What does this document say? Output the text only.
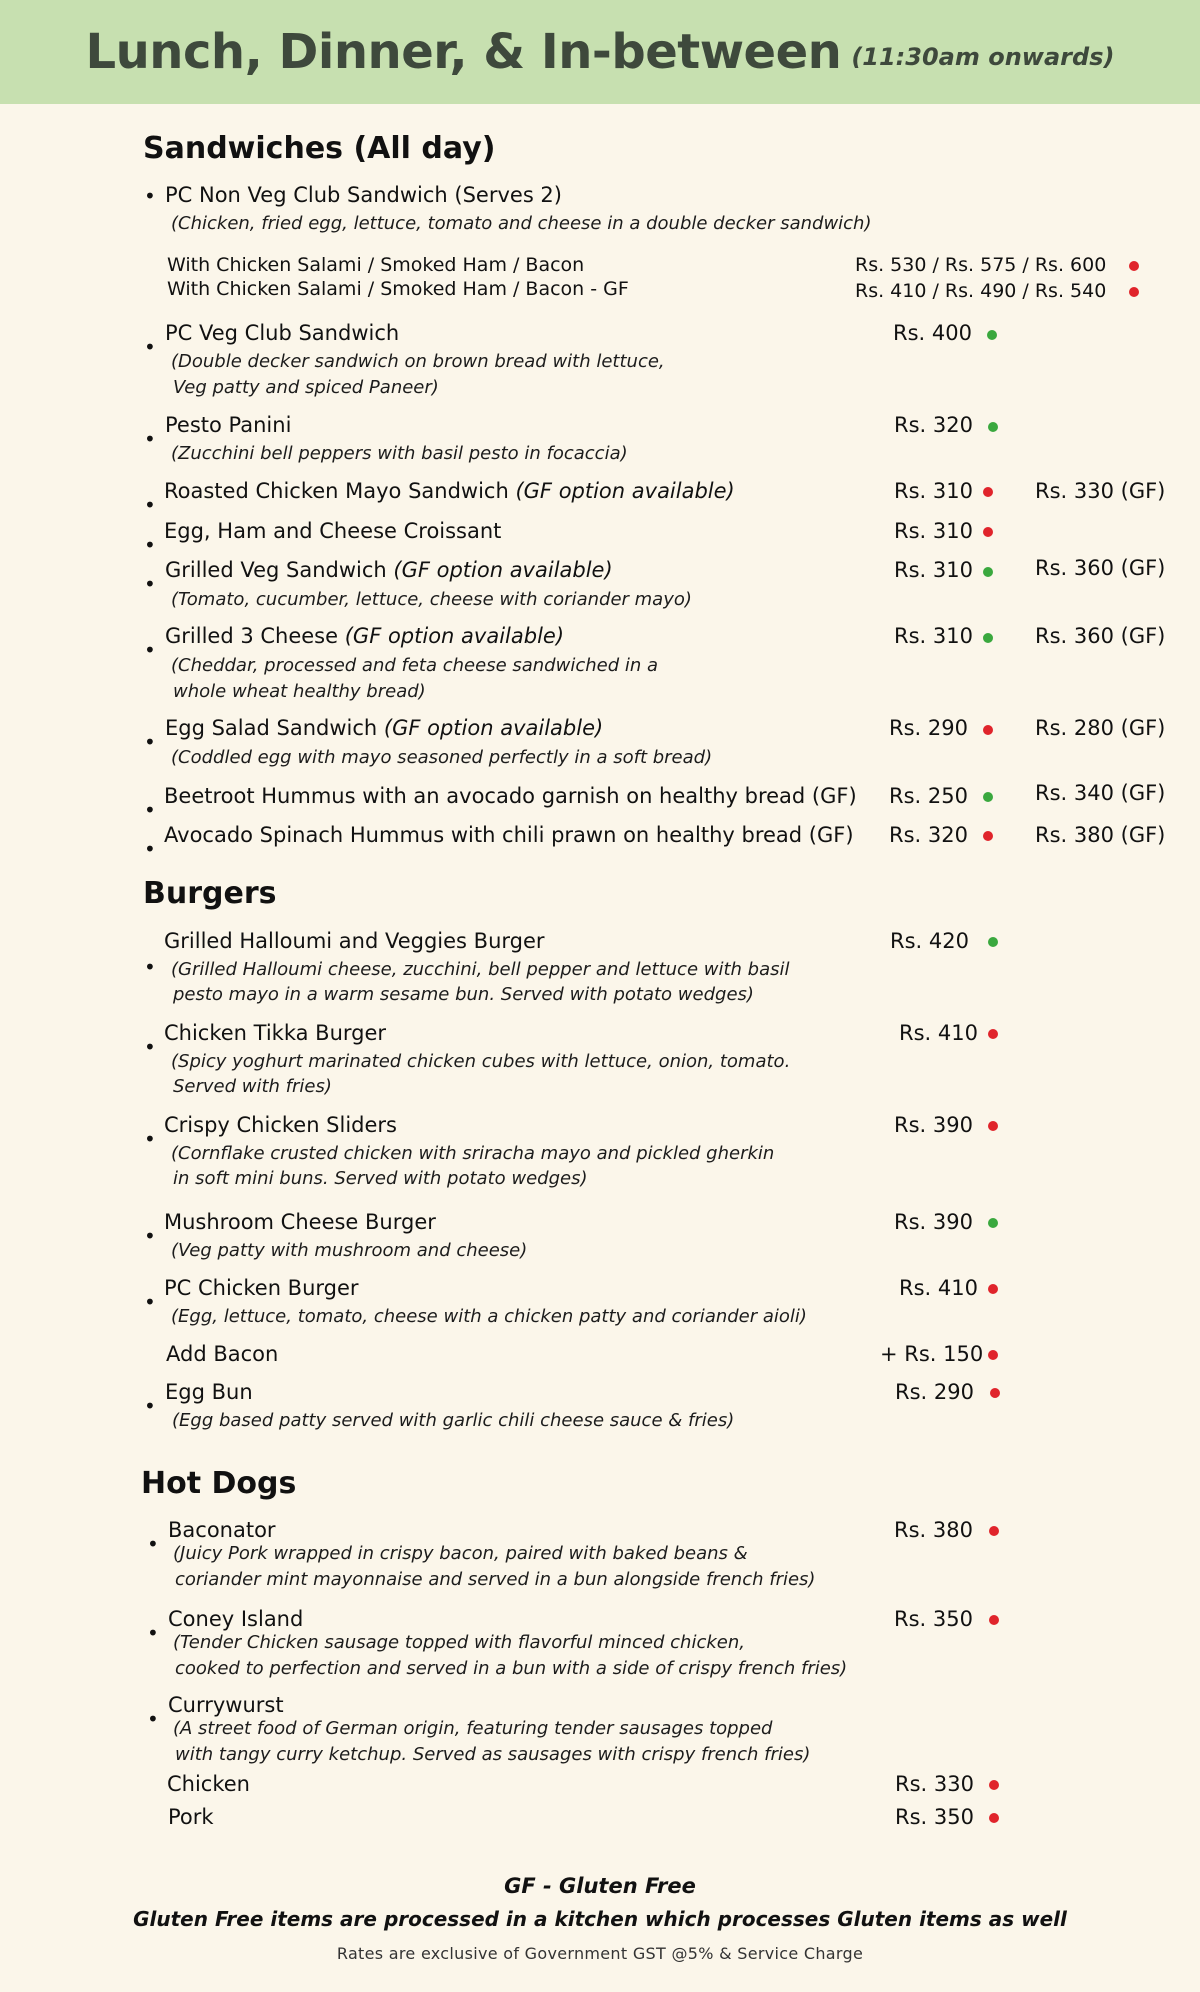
Lunch, Dinner, & In-between (11:30am onwards)
Sandwiches (All day)
• PC Non Veg Club Sandwich (Serves 2)
(Chicken, fried egg, lettuce, tomato and cheese in a double decker sandwich)
With Chicken Salami / Smoked Ham / Bacon	Rs. 530 / Rs. 575 / Rs. 600
With Chicken Salami / Smoked Ham / Bacon - GF	Rs. 410 / Rs. 490 / Rs. 540
•
PC Veg Club Sandwich	Rs. 400
(Double decker sandwich on brown bread with lettuce,
Veg patty and spiced Paneer)
•
Pesto Panini	Rs. 320
(Zucchini bell peppers with basil pesto in focaccia)
•
Roasted Chicken Mayo Sandwich (GF option available)	Rs. 310	Rs. 330 (GF)
•
Egg, Ham and Cheese Croissant	Rs. 310
•
Grilled Veg Sandwich (GF option available)	Rs. 310	Rs. 360 (GF)
(Tomato, cucumber, lettuce, cheese with coriander mayo)
•
Grilled 3 Cheese (GF option available)	Rs. 310	Rs. 360 (GF)
(Cheddar, processed and feta cheese sandwiched in a
whole wheat healthy bread)
•
Egg Salad Sandwich (GF option available)	Rs. 290	Rs. 280 (GF)
(Coddled egg with mayo seasoned perfectly in a soft bread)
•
Beetroot Hummus with an avocado garnish on healthy bread (GF) Rs. 250	Rs. 340 (GF)
•
Avocado Spinach Hummus with chili prawn on healthy bread (GF) Rs. 320	Rs. 380 (GF)
Burgers
•
Grilled Halloumi and Veggies Burger	Rs. 420
(Grilled Halloumi cheese, zucchini, bell pepper and lettuce with basil
pesto mayo in a warm sesame bun. Served with potato wedges)
•
Chicken Tikka Burger	Rs. 410
(Spicy yoghurt marinated chicken cubes with lettuce, onion, tomato.
Served with fries)
•
Crispy Chicken Sliders	Rs. 390
(Cornflake crusted chicken with sriracha mayo and pickled gherkin
in soft mini buns. Served with potato wedges)
•
Mushroom Cheese Burger	Rs. 390
(Veg patty with mushroom and cheese)
•
PC Chicken Burger	Rs. 410
(Egg, lettuce, tomato, cheese with a chicken patty and coriander aioli)
Add Bacon	+ Rs. 150
•
Egg Bun	Rs. 290
(Egg based patty served with garlic chili cheese sauce & fries)
Hot Dogs
•
Baconator	Rs. 380
(Juicy Pork wrapped in crispy bacon, paired with baked beans &
coriander mint mayonnaise and served in a bun alongside french fries)
•
Coney Island	Rs. 350
(Tender Chicken sausage topped with flavorful minced chicken,
cooked to perfection and served in a bun with a side of crispy french fries)
•
Currywurst
(A street food of German origin, featuring tender sausages topped
with tangy curry ketchup. Served as sausages with crispy french fries)
Chicken	Rs. 330
Pork	Rs. 350
GF - Gluten Free
Gluten Free items are processed in a kitchen which processes Gluten items as well
Rates are exclusive of Government GST @5% & Service Charge
